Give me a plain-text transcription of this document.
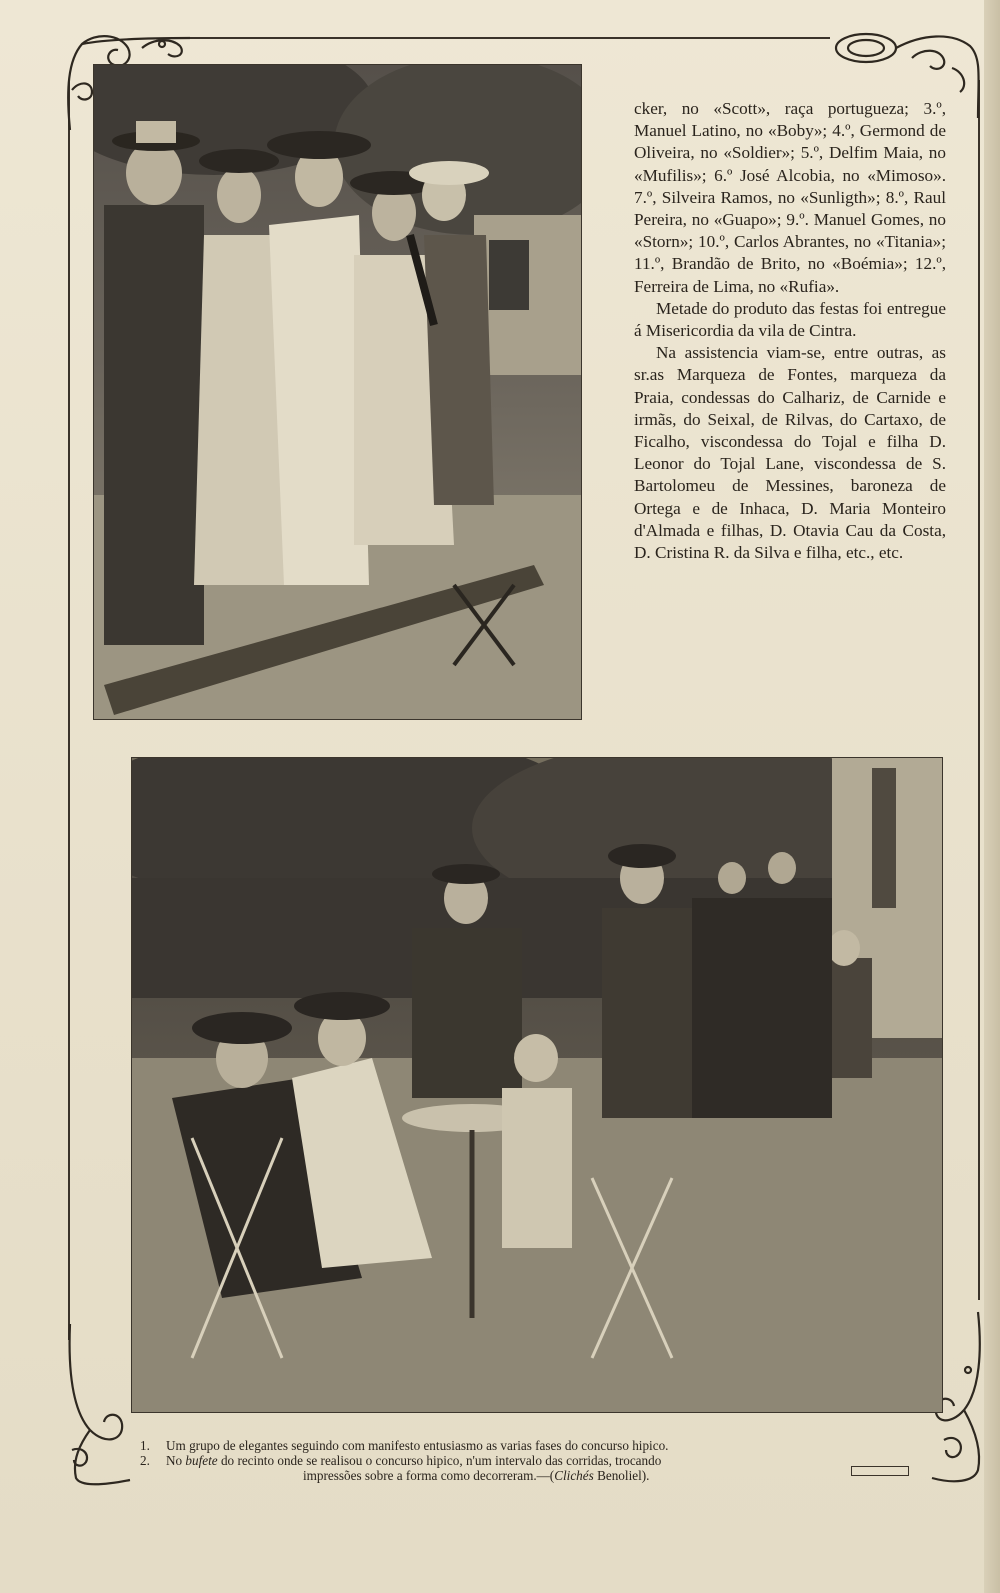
cker, no «Scott», raça portugueza; 3.º, Manuel Latino, no «Boby»; 4.º, Germond de Oliveira, no «Soldier»; 5.º, Delfim Maia, no «Mufilis»; 6.º José Alcobia, no «Mimoso». 7.º, Silveira Ramos, no «Sunligth»; 8.º, Raul Pereira, no «Guapo»; 9.º. Manuel Gomes, no «Storn»; 10.º, Carlos Abrantes, no «Titania»; 11.º, Brandão de Brito, no «Boémia»; 12.º, Ferreira de Lima, no «Rufia».

Metade do produto das festas foi entregue á Misericordia da vila de Cintra.

Na assistencia viam-se, entre outras, as sr.as Marqueza de Fontes, marqueza da Praia, condessas do Calhariz, de Carnide e irmãs, do Seixal, de Rilvas, do Cartaxo, de Ficalho, viscondessa do Tojal e filha D. Leonor do Tojal Lane, viscondessa de S. Bartolomeu de Messines, baroneza de Ortega e de Inhaca, D. Maria Monteiro d'Almada e filhas, D. Otavia Cau da Costa, D. Cristina R. da Silva e filha, etc., etc.

1. Um grupo de elegantes seguindo com manifesto entusiasmo as varias fases do concurso hipico.
2. No bufete do recinto onde se realisou o concurso hipico, n'um intervalo das corridas, trocando
impressões sobre a forma como decorreram.—(Clichés Benoliel).
